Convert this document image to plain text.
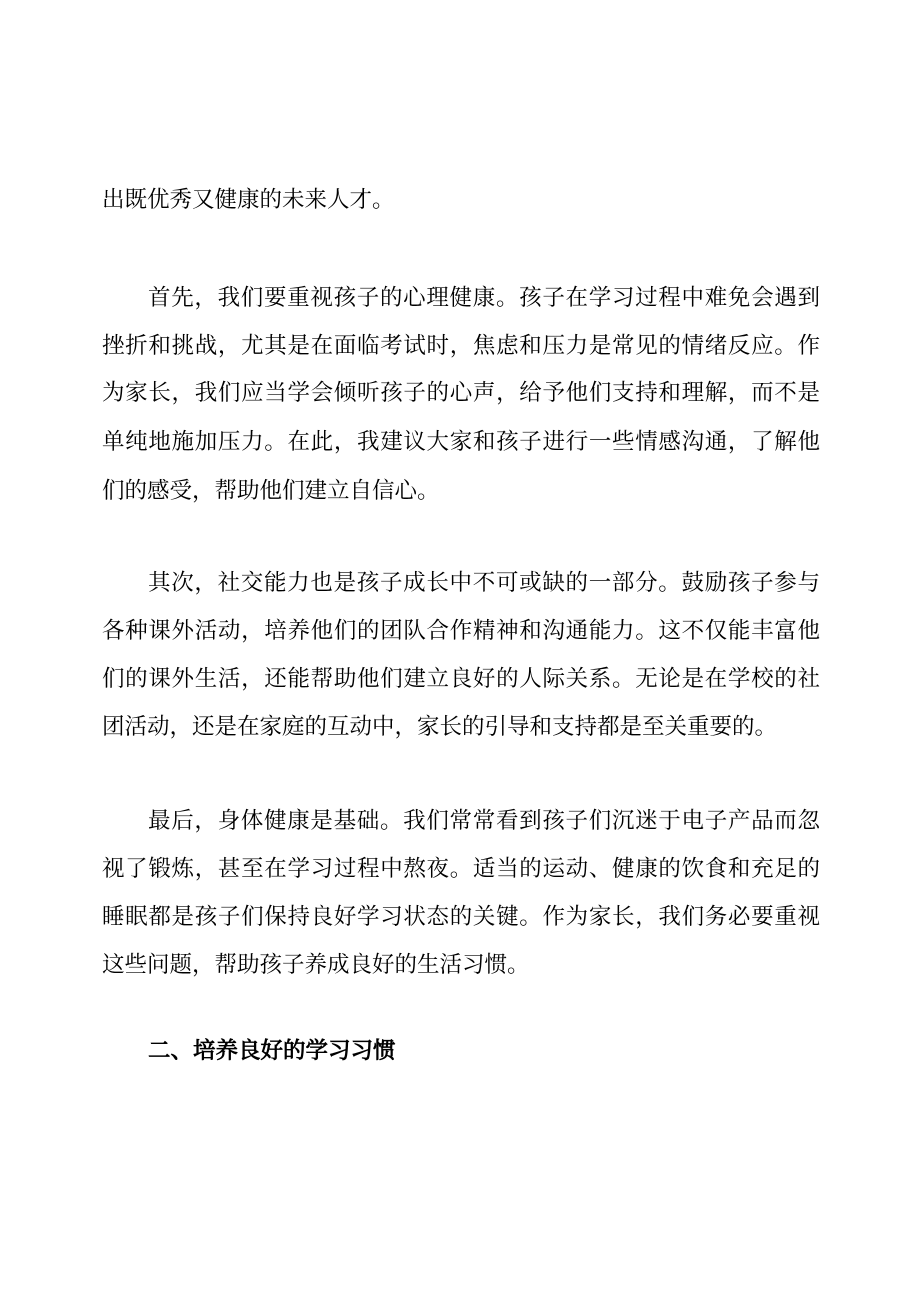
出既优秀又健康的未来人才。
首先，我们要重视孩子的心理健康。孩子在学习过程中难免会遇到
挫折和挑战，尤其是在面临考试时，焦虑和压力是常见的情绪反应。作
为家长，我们应当学会倾听孩子的心声，给予他们支持和理解，而不是
单纯地施加压力。在此，我建议大家和孩子进行一些情感沟通，了解他
们的感受，帮助他们建立自信心。
其次，社交能力也是孩子成长中不可或缺的一部分。鼓励孩子参与
各种课外活动，培养他们的团队合作精神和沟通能力。这不仅能丰富他
们的课外生活，还能帮助他们建立良好的人际关系。无论是在学校的社
团活动，还是在家庭的互动中，家长的引导和支持都是至关重要的。
最后，身体健康是基础。我们常常看到孩子们沉迷于电子产品而忽
视了锻炼，甚至在学习过程中熬夜。适当的运动、健康的饮食和充足的
睡眠都是孩子们保持良好学习状态的关键。作为家长，我们务必要重视
这些问题，帮助孩子养成良好的生活习惯。
二、培养良好的学习习惯
